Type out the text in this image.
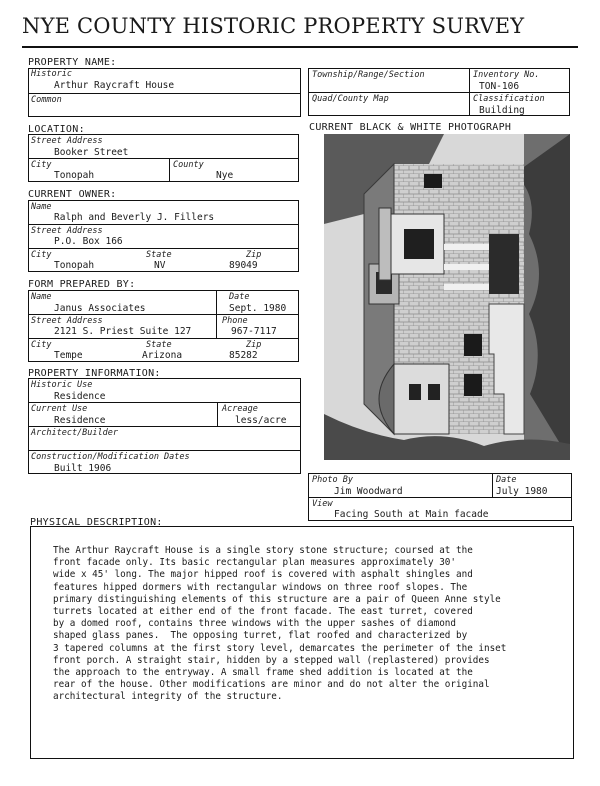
NYE COUNTY HISTORIC PROPERTY SURVEY
PROPERTY NAME:
Historic
Arthur Raycraft House
Common
Township/Range/Section	Inventory No.
TON-106
Quad/County Map	Classification
Building
LOCATION:
Street Address
Booker Street
City
Tonopah
County
Nye
CURRENT OWNER:
Name
Ralph and Beverly J. Fillers
Street Address
P.O. Box 166
City
Tonopah
State
NV
Zip
89049
FORM PREPARED BY:
Name
Janus Associates
Date
Sept. 1980
Street Address
2121 S. Priest Suite 127
Phone
967-7117
City
Tempe
State
Arizona
Zip
85282
PROPERTY INFORMATION:
Historic Use
Residence
Current Use
Residence
Acreage
less/acre
Architect/Builder
Construction/Modification Dates
Built 1906
CURRENT BLACK & WHITE PHOTOGRAPH
Photo By
Jim Woodward
Date
July 1980
View
Facing South at Main facade
PHYSICAL DESCRIPTION:
The Arthur Raycraft House is a single story stone structure; coursed at the
front facade only. Its basic rectangular plan measures approximately 30'
wide x 45' long. The major hipped roof is covered with asphalt shingles and
features hipped dormers with rectangular windows on three roof slopes. The
primary distinguishing elements of this structure are a pair of Queen Anne style
turrets located at either end of the front facade. The east turret, covered
by a domed roof, contains three windows with the upper sashes of diamond
shaped glass panes.  The opposing turret, flat roofed and characterized by
3 tapered columns at the first story level, demarcates the perimeter of the inset
front porch. A straight stair, hidden by a stepped wall (replastered) provides
the approach to the entryway. A small frame shed addition is located at the
rear of the house. Other modifications are minor and do not alter the original
architectural integrity of the structure.
